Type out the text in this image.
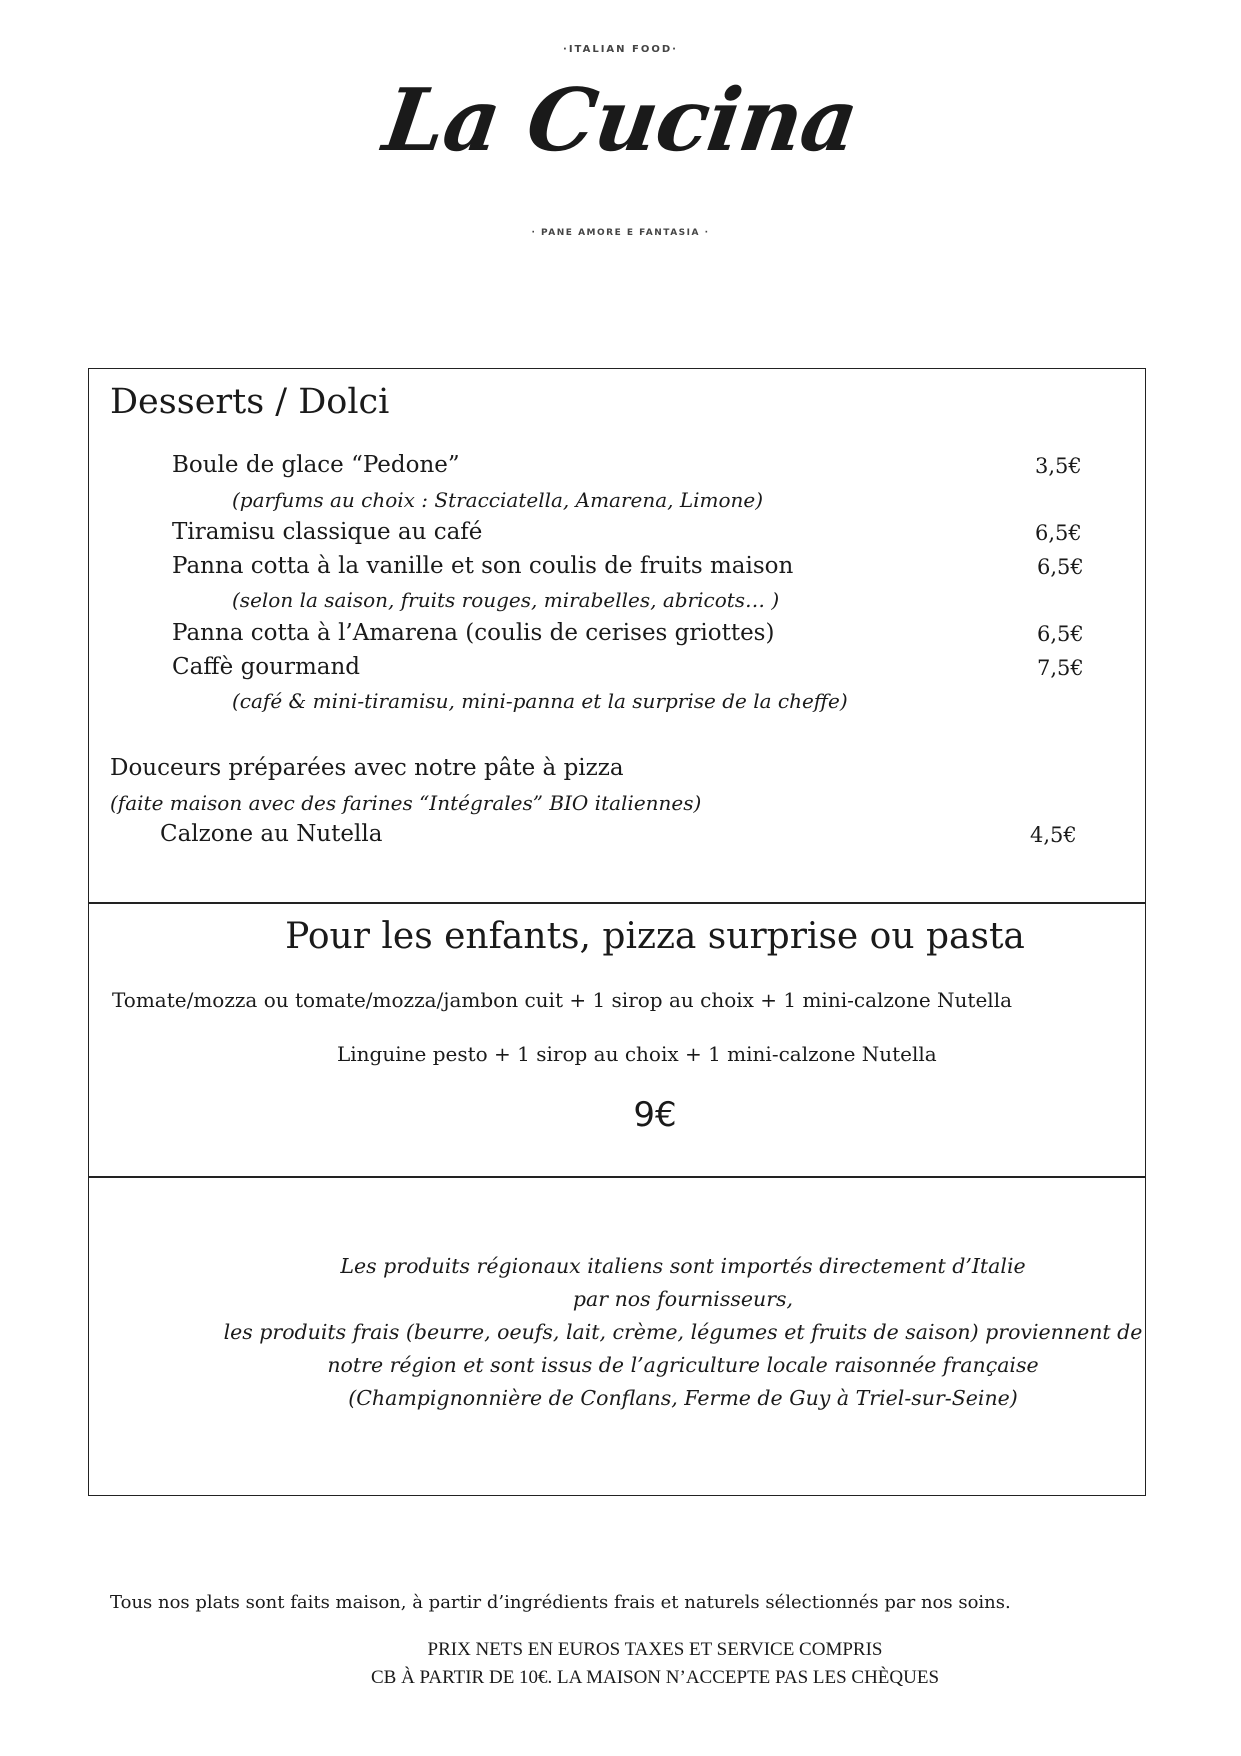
·ITALIAN FOOD·
La Cucina
· PANE AMORE E FANTASIA ·
Desserts / Dolci
Boule de glace “Pedone”	3,5€
(parfums au choix : Stracciatella, Amarena, Limone)
Tiramisu classique au café	6,5€
Panna cotta à la vanille et son coulis de fruits maison	6,5€
(selon la saison, fruits rouges, mirabelles, abricots… )
Panna cotta à l’Amarena (coulis de cerises griottes)	6,5€
Caffè gourmand	7,5€
(café & mini-tiramisu, mini-panna et la surprise de la cheffe)
Douceurs préparées avec notre pâte à pizza
(faite maison avec des farines “Intégrales” BIO italiennes)
Calzone au Nutella	4,5€
Pour les enfants, pizza surprise ou pasta
Tomate/mozza ou tomate/mozza/jambon cuit + 1 sirop au choix + 1 mini-calzone Nutella
Linguine pesto + 1 sirop au choix + 1 mini-calzone Nutella
9€
Les produits régionaux italiens sont importés directement d’Italie
par nos fournisseurs,
les produits frais (beurre, oeufs, lait, crème, légumes et fruits de saison) proviennent de
notre région et sont issus de l’agriculture locale raisonnée française
(Champignonnière de Conflans, Ferme de Guy à Triel-sur-Seine)
Tous nos plats sont faits maison, à partir d’ingrédients frais et naturels sélectionnés par nos soins.
PRIX NETS EN EUROS TAXES ET SERVICE COMPRIS
CB À PARTIR DE 10€. LA MAISON N’ACCEPTE PAS LES CHÈQUES
